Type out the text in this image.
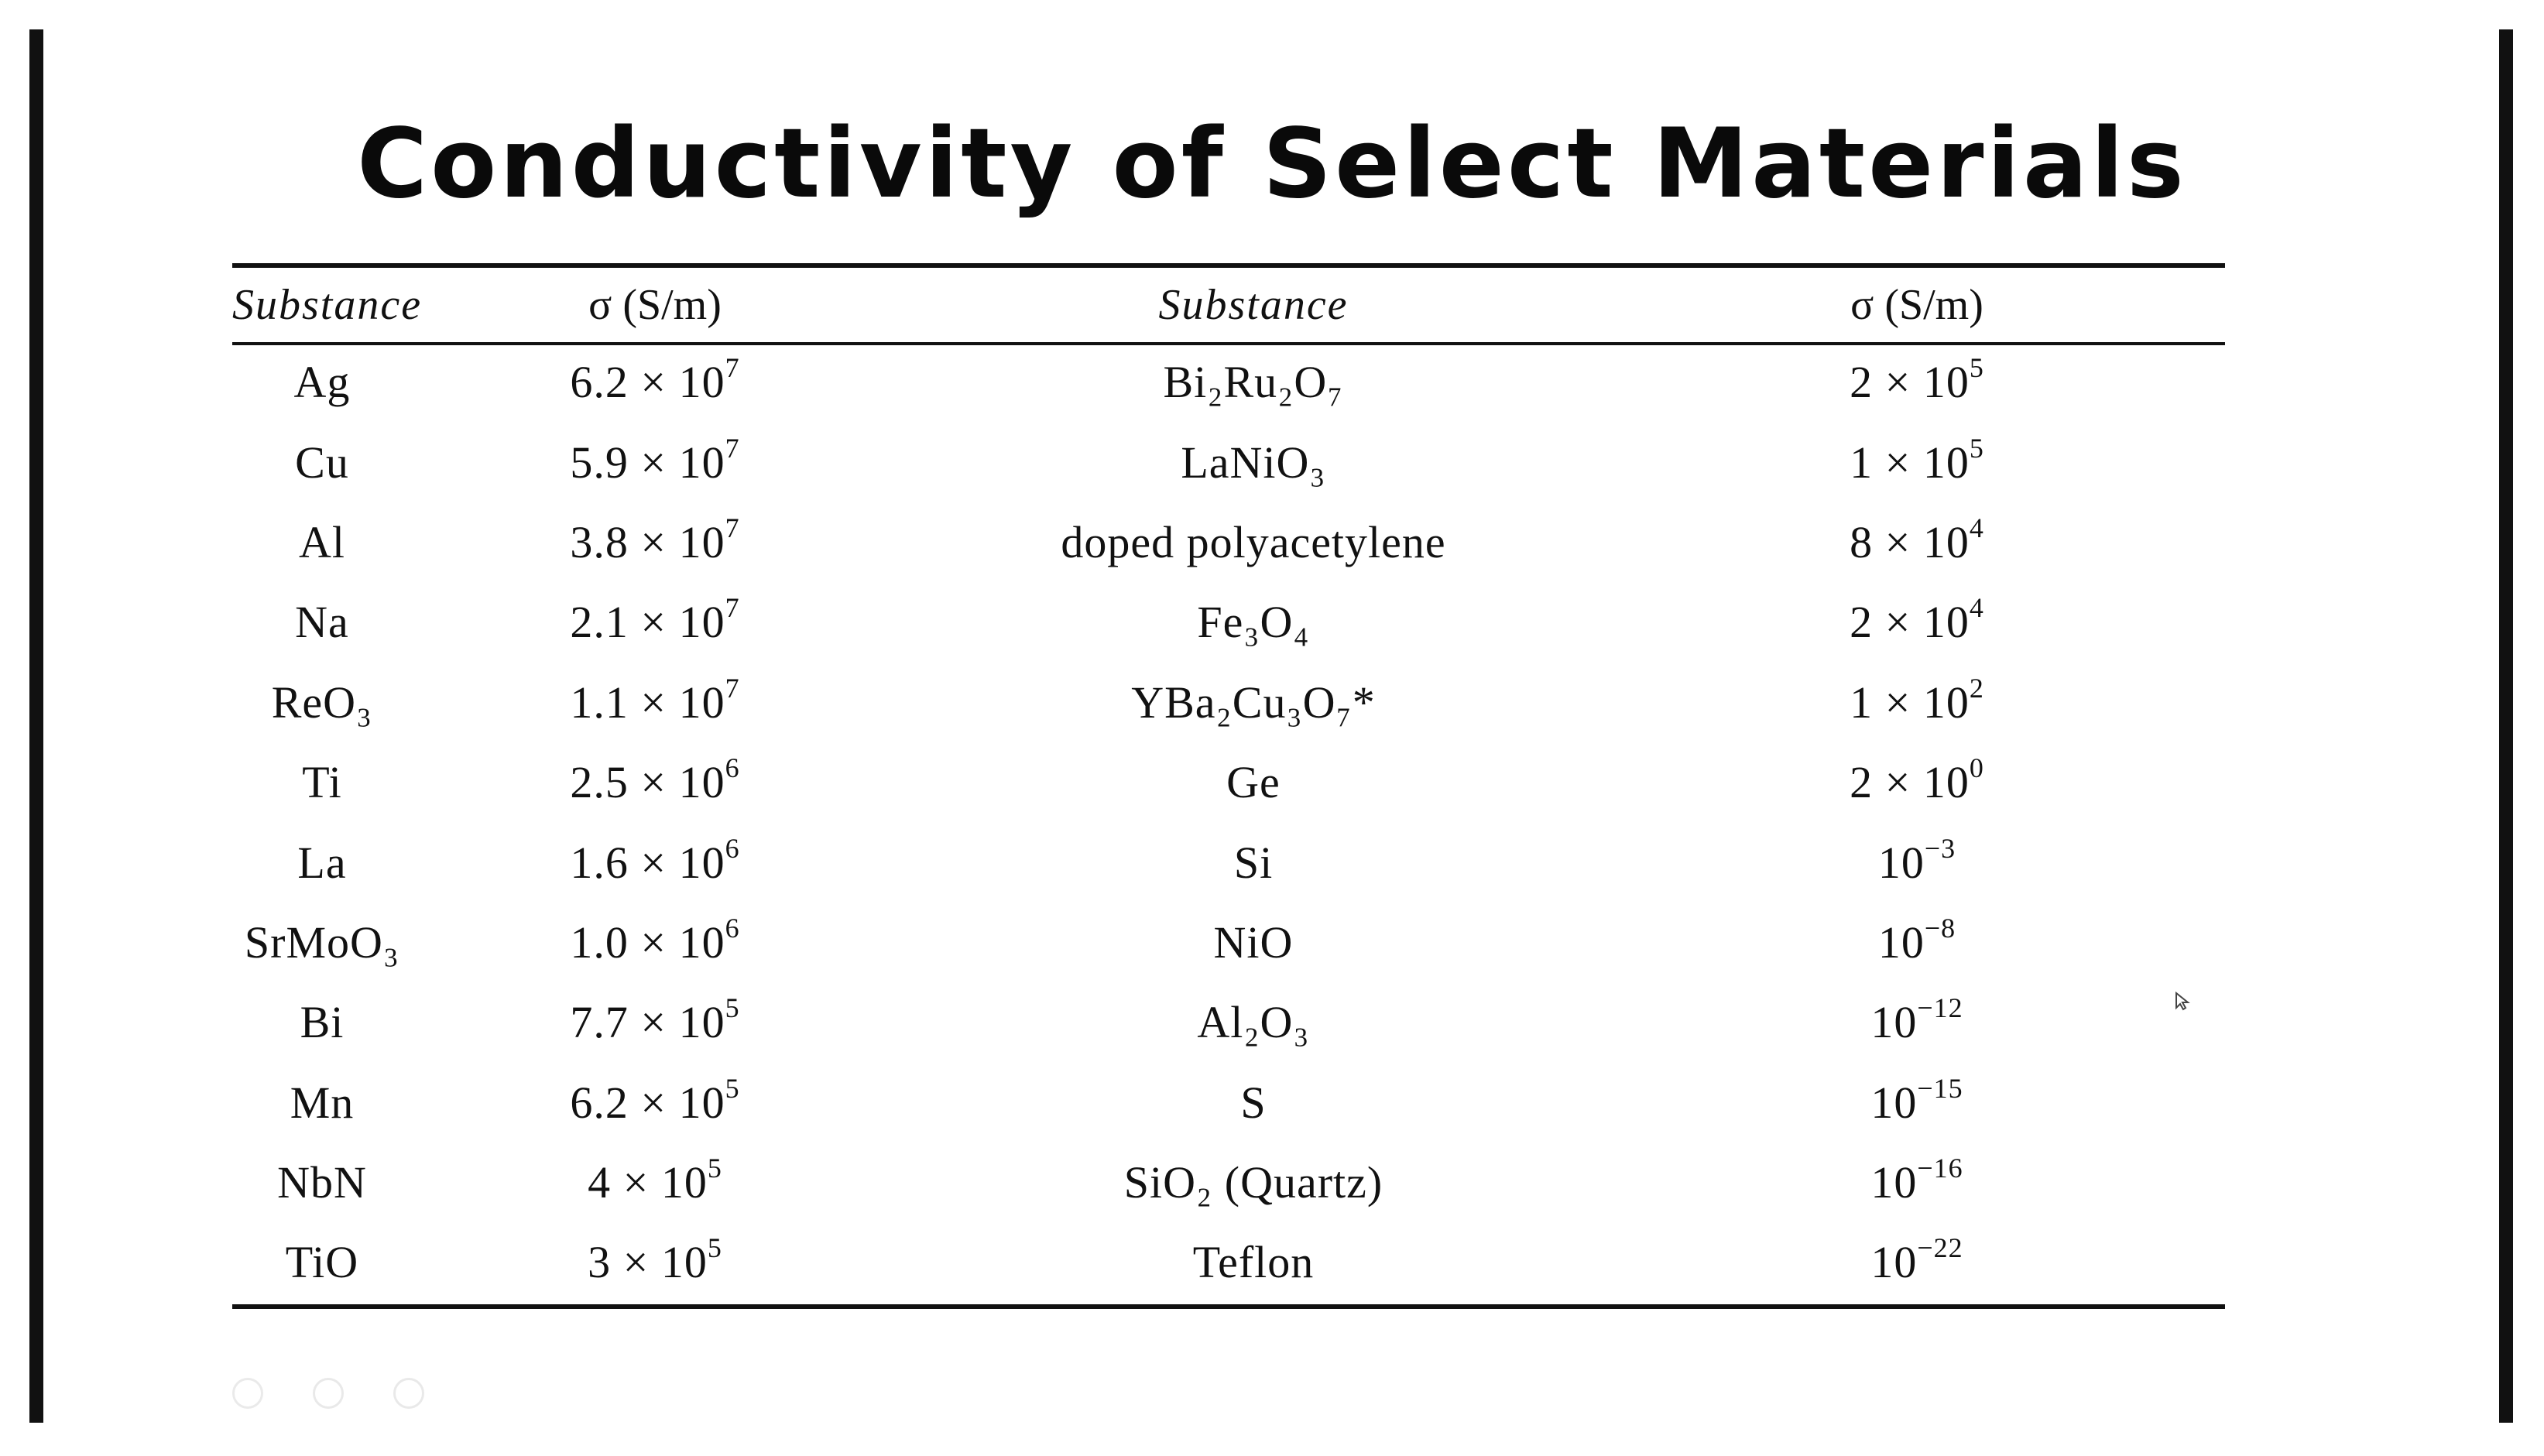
Conductivity of Select Materials
Substance	σ (S/m)	Substance	σ (S/m)
Ag	$6.2 \times 10^7$	Bi₂Ru₂O₇	$2 \times 10^5$
Cu	$5.9 \times 10^7$	LaNiO₃	$1 \times 10^5$
Al	$3.8 \times 10^7$	doped polyacetylene	$8 \times 10^4$
Na	$2.1 \times 10^7$	Fe₃O₄	$2 \times 10^4$
ReO₃	$1.1 \times 10^7$	YBa₂Cu₃O₇*	$1 \times 10^2$
Ti	$2.5 \times 10^6$	Ge	$2 \times 10^0$
La	$1.6 \times 10^6$	Si	$10^{-3}$
SrMoO₃	$1.0 \times 10^6$	NiO	$10^{-8}$
Bi	$7.7 \times 10^5$	Al₂O₃	$10^{-12}$
Mn	$6.2 \times 10^5$	S	$10^{-15}$
NbN	$4 \times 10^5$	SiO₂ (Quartz)	$10^{-16}$
TiO	$3 \times 10^5$	Teflon	$10^{-22}$
